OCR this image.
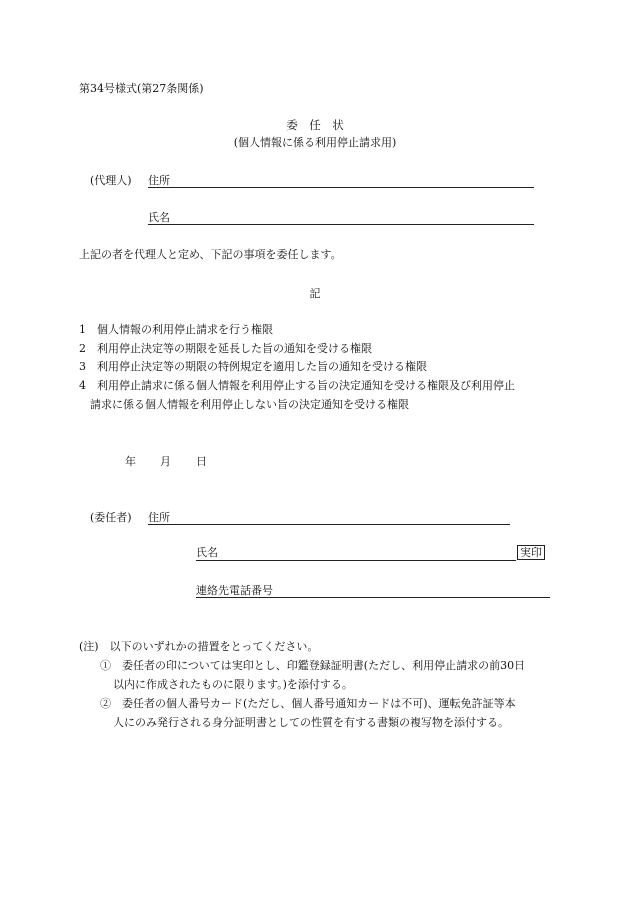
第34号様式(第27条関係)
委　任　状
(個人情報に係る利用停止請求用)
(代理人) 住所
氏名
上記の者を代理人と定め、下記の事項を委任します。
記
1　個人情報の利用停止請求を行う権限
2　利用停止決定等の期限を延長した旨の通知を受ける権限
3　利用停止決定等の期限の特例規定を適用した旨の通知を受ける権限
4　利用停止請求に係る個人情報を利用停止する旨の決定通知を受ける権限及び利用停止
請求に係る個人情報を利用停止しない旨の決定通知を受ける権限
年 月 日
(委任者) 住所
氏名	実印
連絡先電話番号
(注)　以下のいずれかの措置をとってください。
①　委任者の印については実印とし、印鑑登録証明書(ただし、利用停止請求の前30日
以内に作成されたものに限ります。)を添付する。
②　委任者の個人番号カード(ただし、個人番号通知カードは不可)、運転免許証等本
人にのみ発行される身分証明書としての性質を有する書類の複写物を添付する。
